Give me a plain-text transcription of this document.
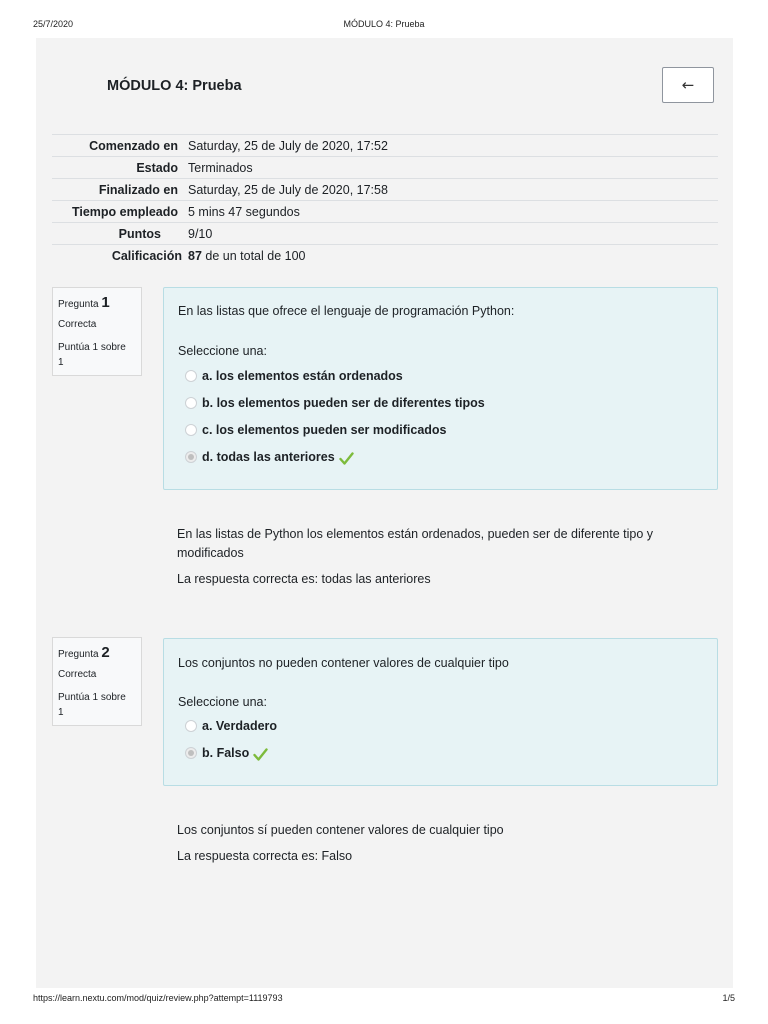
25/7/2020	MÓDULO 4: Prueba
MÓDULO 4: Prueba	←
Comenzado en Saturday, 25 de July de 2020, 17:52
Estado Terminados
Finalizado en Saturday, 25 de July de 2020, 17:58
Tiempo empleado 5 mins 47 segundos
Puntos	9/10
Calificación 87 de un total de 100
Pregunta 1
Correcta
Puntúa 1 sobre 1
En las listas que ofrece el lenguaje de programación Python:
Seleccione una:
a. los elementos están ordenados
b. los elementos pueden ser de diferentes tipos
c. los elementos pueden ser modificados
d. todas las anteriores
En las listas de Python los elementos están ordenados, pueden ser de diferente tipo y modificados
La respuesta correcta es: todas las anteriores
Pregunta 2
Correcta
Puntúa 1 sobre 1
Los conjuntos no pueden contener valores de cualquier tipo
Seleccione una:
a. Verdadero
b. Falso
Los conjuntos sí pueden contener valores de cualquier tipo
La respuesta correcta es: Falso
https://learn.nextu.com/mod/quiz/review.php?attempt=1119793	1/5
